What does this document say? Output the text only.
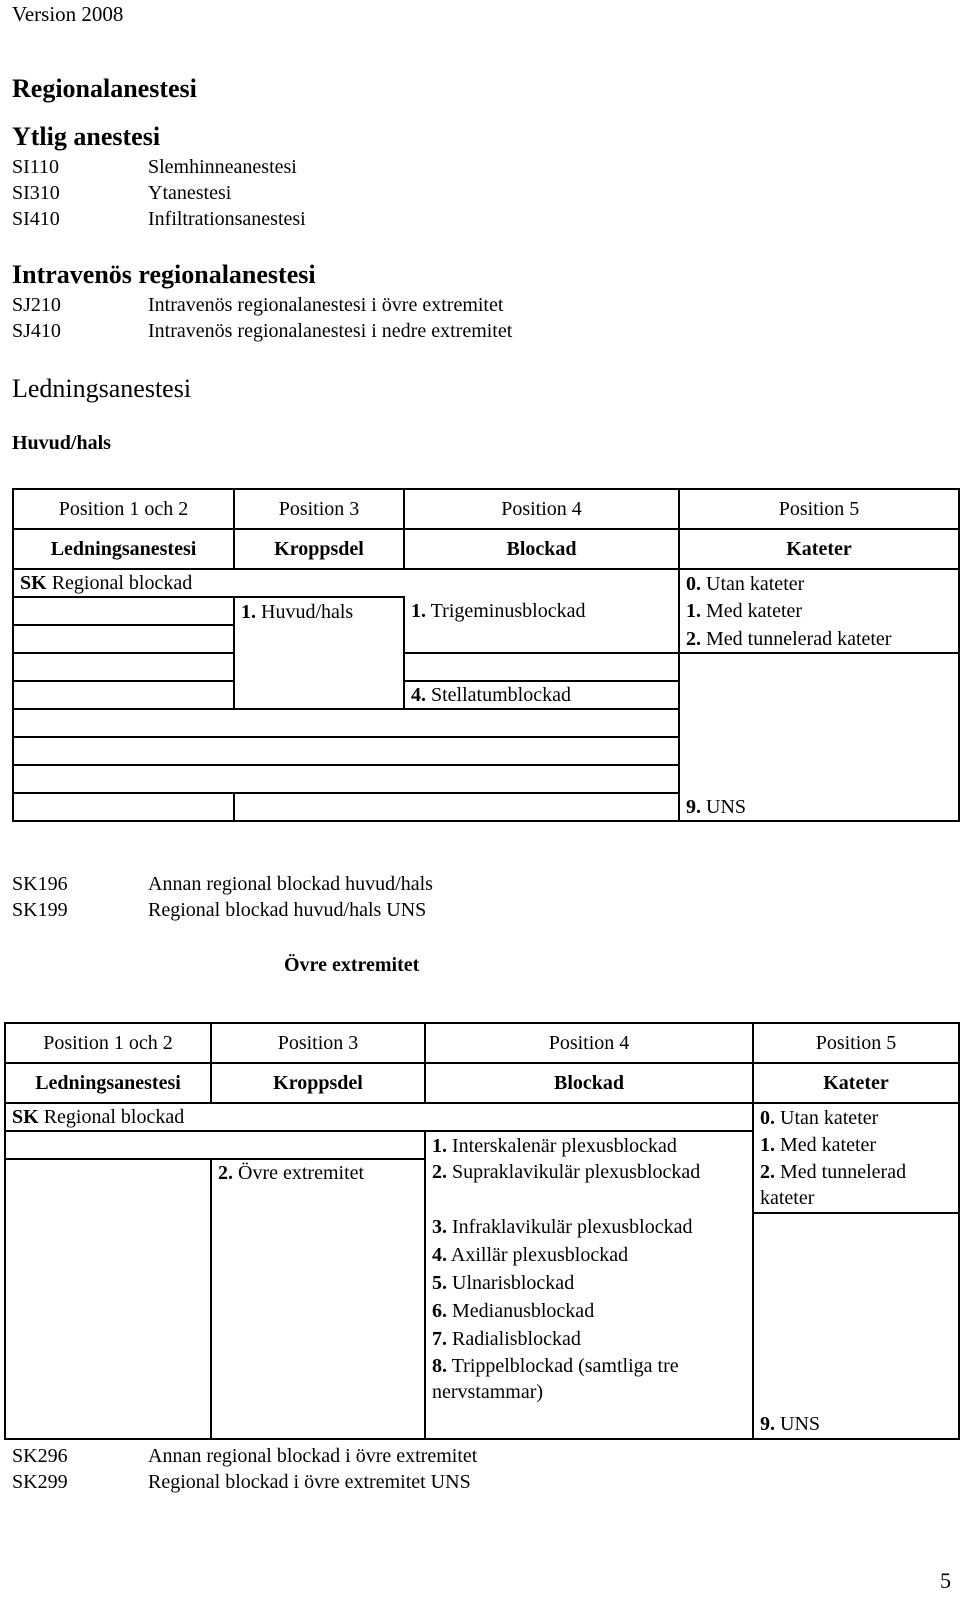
Version 2008
Regionalanestesi
Ytlig anestesi
SI110	Slemhinneanestesi
SI310	Ytanestesi
SI410	Infiltrationsanestesi
Intravenös regionalanestesi
SJ210	Intravenös regionalanestesi i övre extremitet
SJ410	Intravenös regionalanestesi i nedre extremitet
Ledningsanestesi
Huvud/hals
Position 1 och 2	Position 3	Position 4	Position 5
Ledningsanestesi	Kroppsdel	Blockad	Kateter
SK Regional blockad			0. Utan kateter
	1. Huvud/hals	1. Trigeminusblockad	1. Med kateter
			2. Med tunnelerad kateter

		4. Stellatumblockad	

			9. UNS
SK196	Annan regional blockad huvud/hals
SK199	Regional blockad huvud/hals UNS
Övre extremitet
Position 1 och 2	Position 3	Position 4	Position 5
Ledningsanestesi	Kroppsdel	Blockad	Kateter
SK Regional blockad			0. Utan kateter
		1. Interskalenär plexusblockad	1. Med kateter
	2. Övre extremitet	2. Supraklavikulär plexusblockad	2. Med tunnelerad kateter
		3. Infraklavikulär plexusblockad	
		4. Axillär plexusblockad	
		5. Ulnarisblockad	
		6. Medianusblockad	
		7. Radialisblockad	
		8. Trippelblockad (samtliga tre nervstammar)	
			9. UNS
SK296	Annan regional blockad i övre extremitet
SK299	Regional blockad i övre extremitet UNS
5
